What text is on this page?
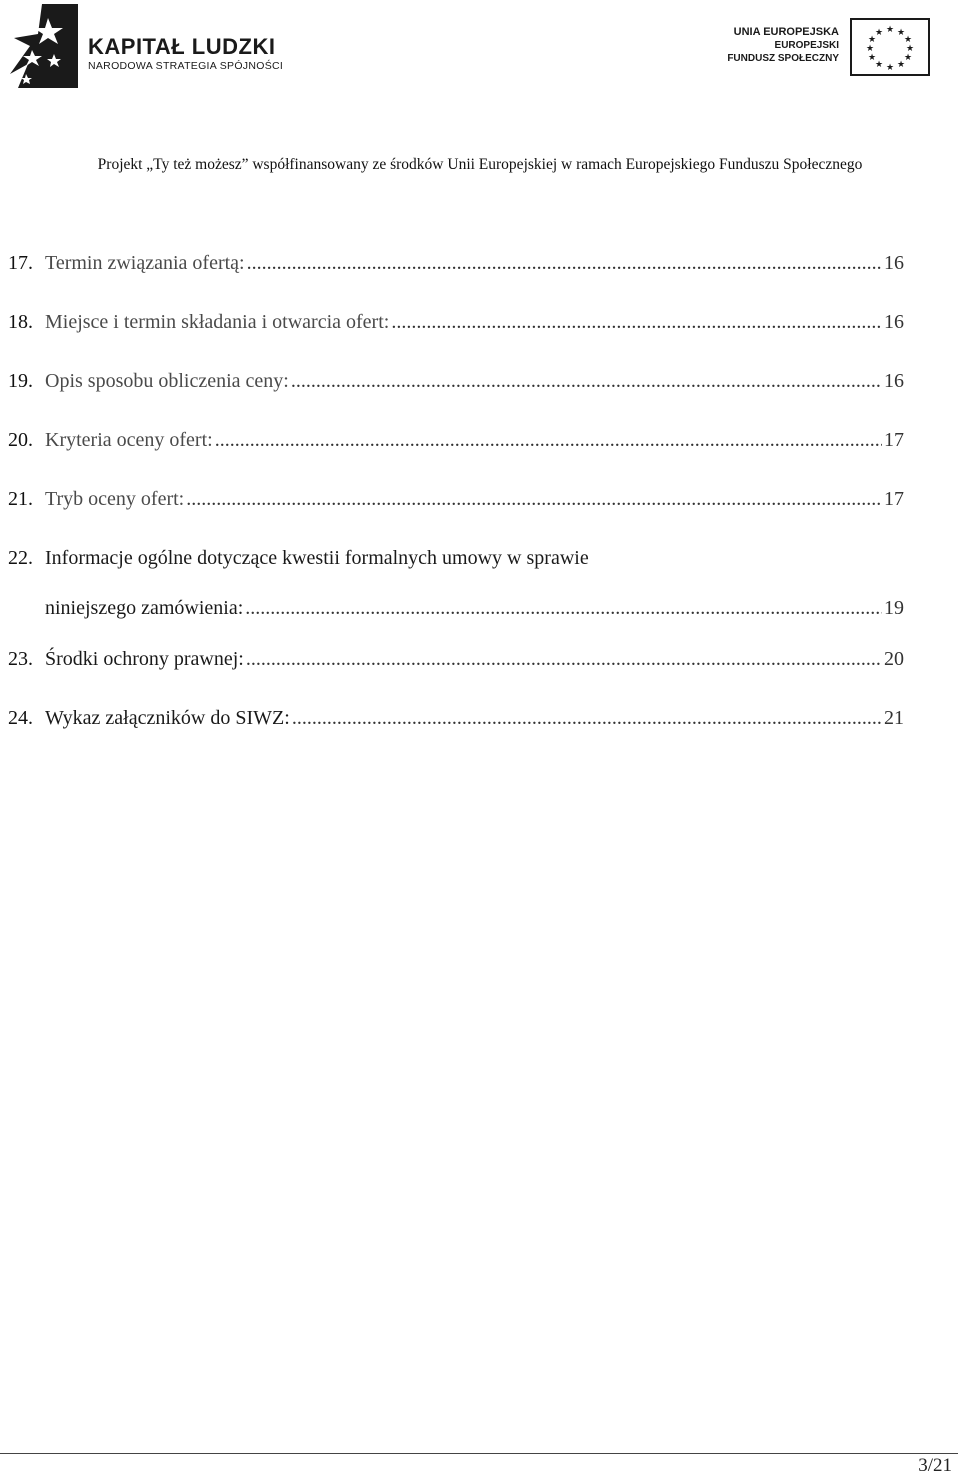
KAPITAŁ LUDZKI
NARODOWA STRATEGIA SPÓJNOŚCI
UNIA EUROPEJSKA
EUROPEJSKI
FUNDUSZ SPOŁECZNY
★ ★
★
★
★
★
★
★
★
★
★
★
Projekt „Ty też możesz” współfinansowany ze środków Unii Europejskiej w ramach Europejskiego Funduszu Społecznego
17. Termin związania ofertą: .....	16
18. Miejsce i termin składania i otwarcia ofert: .....	16
19. Opis sposobu obliczenia ceny: .....	16
20. Kryteria oceny ofert: .....	17
21. Tryb oceny ofert: .....	17
22. Informacje ogólne dotyczące kwestii formalnych umowy w sprawie
niniejszego zamówienia: .....	19
23. Środki ochrony prawnej: .....	20
24. Wykaz załączników do SIWZ: .....	21
3/21
